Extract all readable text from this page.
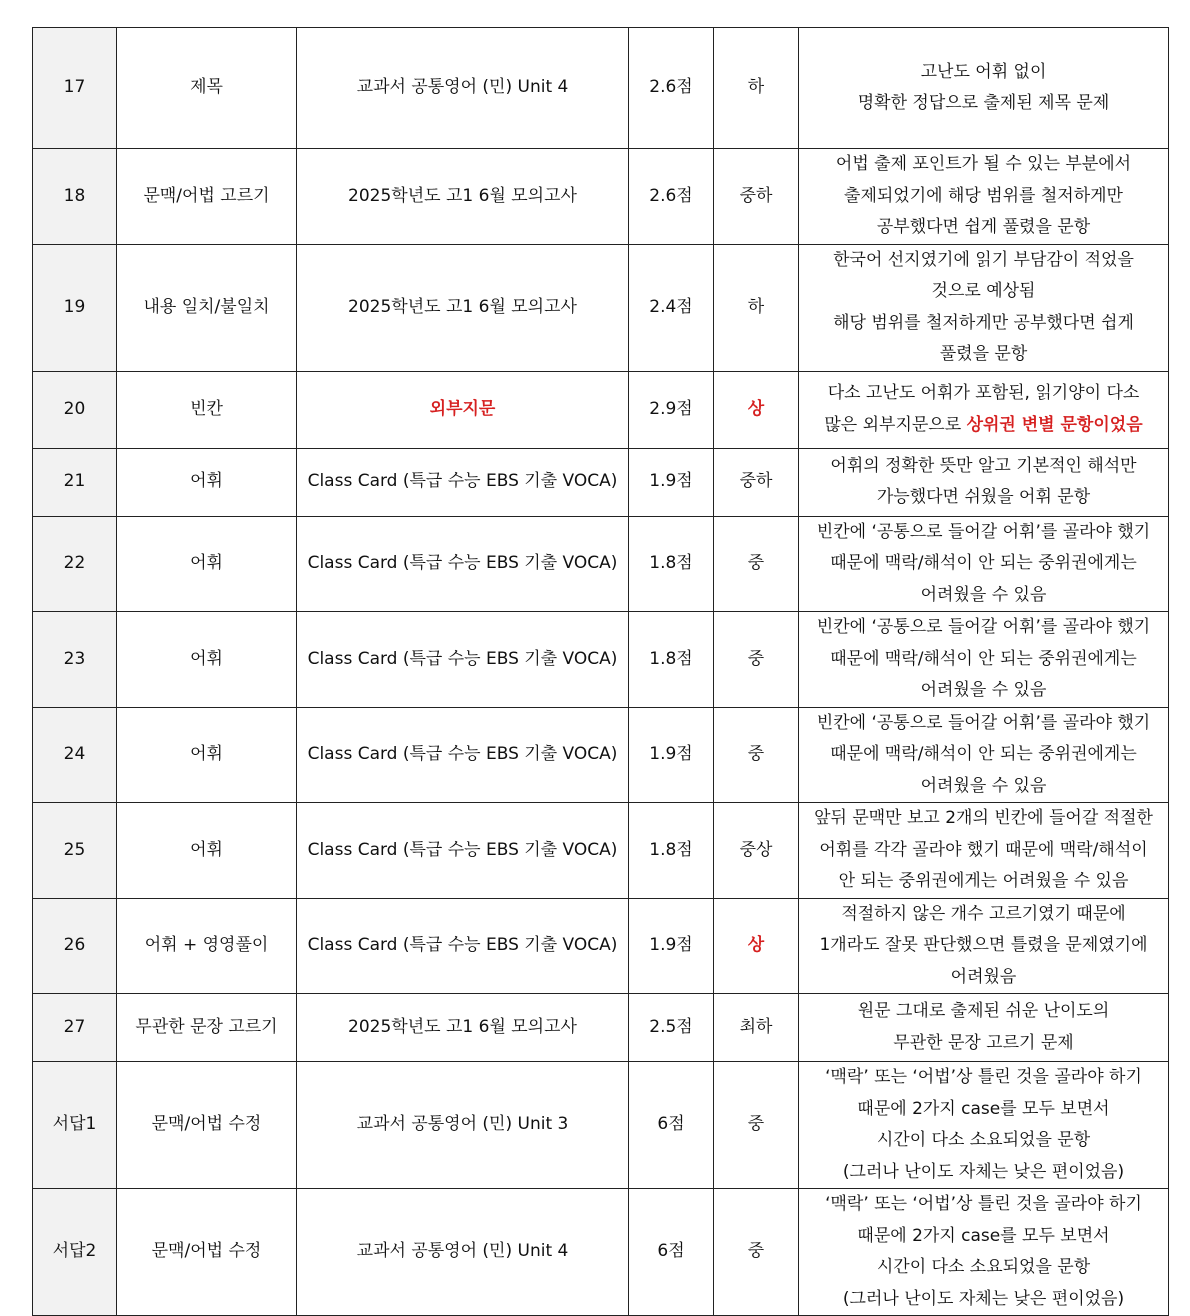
17	제목	교과서 공통영어 (민) Unit 4	2.6점	하	고난도 어휘 없이
명확한 정답으로 출제된 제목 문제

18	문맥/어법 고르기	2025학년도 고1 6월 모의고사	2.6점	중하	어법 출제 포인트가 될 수 있는 부분에서
출제되었기에 해당 범위를 철저하게만
공부했다면 쉽게 풀렸을 문항

19	내용 일치/불일치	2025학년도 고1 6월 모의고사	2.4점	하	한국어 선지였기에 읽기 부담감이 적었을
것으로 예상됨
해당 범위를 철저하게만 공부했다면 쉽게
풀렸을 문항

20	빈칸	외부지문	2.9점	상	다소 고난도 어휘가 포함된, 읽기양이 다소
많은 외부지문으로 상위권 변별 문항이었음

21	어휘	Class Card (특급 수능 EBS 기출 VOCA)	1.9점	중하	어휘의 정확한 뜻만 알고 기본적인 해석만
가능했다면 쉬웠을 어휘 문항

22	어휘	Class Card (특급 수능 EBS 기출 VOCA)	1.8점	중	빈칸에 ‘공통으로 들어갈 어휘’를 골라야 했기
때문에 맥락/해석이 안 되는 중위권에게는
어려웠을 수 있음

23	어휘	Class Card (특급 수능 EBS 기출 VOCA)	1.8점	중	빈칸에 ‘공통으로 들어갈 어휘’를 골라야 했기
때문에 맥락/해석이 안 되는 중위권에게는
어려웠을 수 있음

24	어휘	Class Card (특급 수능 EBS 기출 VOCA)	1.9점	중	빈칸에 ‘공통으로 들어갈 어휘’를 골라야 했기
때문에 맥락/해석이 안 되는 중위권에게는
어려웠을 수 있음

25	어휘	Class Card (특급 수능 EBS 기출 VOCA)	1.8점	중상	앞뒤 문맥만 보고 2개의 빈칸에 들어갈 적절한
어휘를 각각 골라야 했기 때문에 맥락/해석이
안 되는 중위권에게는 어려웠을 수 있음

26	어휘 + 영영풀이	Class Card (특급 수능 EBS 기출 VOCA)	1.9점	상	적절하지 않은 개수 고르기였기 때문에
1개라도 잘못 판단했으면 틀렸을 문제였기에
어려웠음

27	무관한 문장 고르기	2025학년도 고1 6월 모의고사	2.5점	최하	원문 그대로 출제된 쉬운 난이도의
무관한 문장 고르기 문제

서답1	문맥/어법 수정	교과서 공통영어 (민) Unit 3	6점	중	‘맥락’ 또는 ‘어법’상 틀린 것을 골라야 하기
때문에 2가지 case를 모두 보면서
시간이 다소 소요되었을 문항
(그러나 난이도 자체는 낮은 편이었음)

서답2	문맥/어법 수정	교과서 공통영어 (민) Unit 4	6점	중	‘맥락’ 또는 ‘어법’상 틀린 것을 골라야 하기
때문에 2가지 case를 모두 보면서
시간이 다소 소요되었을 문항
(그러나 난이도 자체는 낮은 편이었음)
